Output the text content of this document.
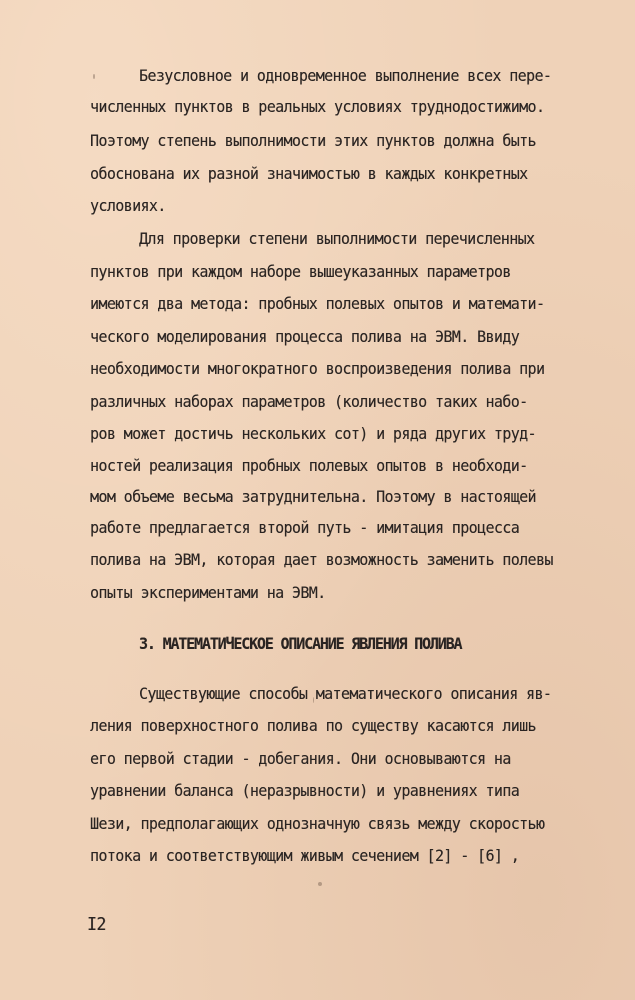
Безусловное и одновременное выполнение всех пере-
численных пунктов в реальных условиях труднодостижимо.
Поэтому степень выполнимости этих пунктов должна быть
обоснована их разной значимостью в каждых конкретных
условиях.
Для проверки степени выполнимости перечисленных
пунктов при каждом наборе вышеуказанных параметров
имеются два метода: пробных полевых опытов и математи-
ческого моделирования процесса полива на ЭВМ. Ввиду
необходимости многократного воспроизведения полива при
различных наборах параметров (количество таких набо-
ров может достичь нескольких сот) и ряда других труд-
ностей реализация пробных полевых опытов в необходи-
мом объеме весьма затруднительна. Поэтому в настоящей
работе предлагается второй путь - имитация процесса
полива на ЭВМ, которая дает возможность заменить полевы
опыты экспериментами на ЭВМ.
3. МАТЕМАТИЧЕСКОЕ ОПИСАНИЕ ЯВЛЕНИЯ ПОЛИВА
Существующие способы математического описания яв-
ления поверхностного полива по существу касаются лишь
его первой стадии - добегания. Они основываются на
уравнении баланса (неразрывности) и уравнениях типа
Шези, предполагающих однозначную связь между скоростью
потока и соответствующим живым сечением [2] - [6] ,
I2
